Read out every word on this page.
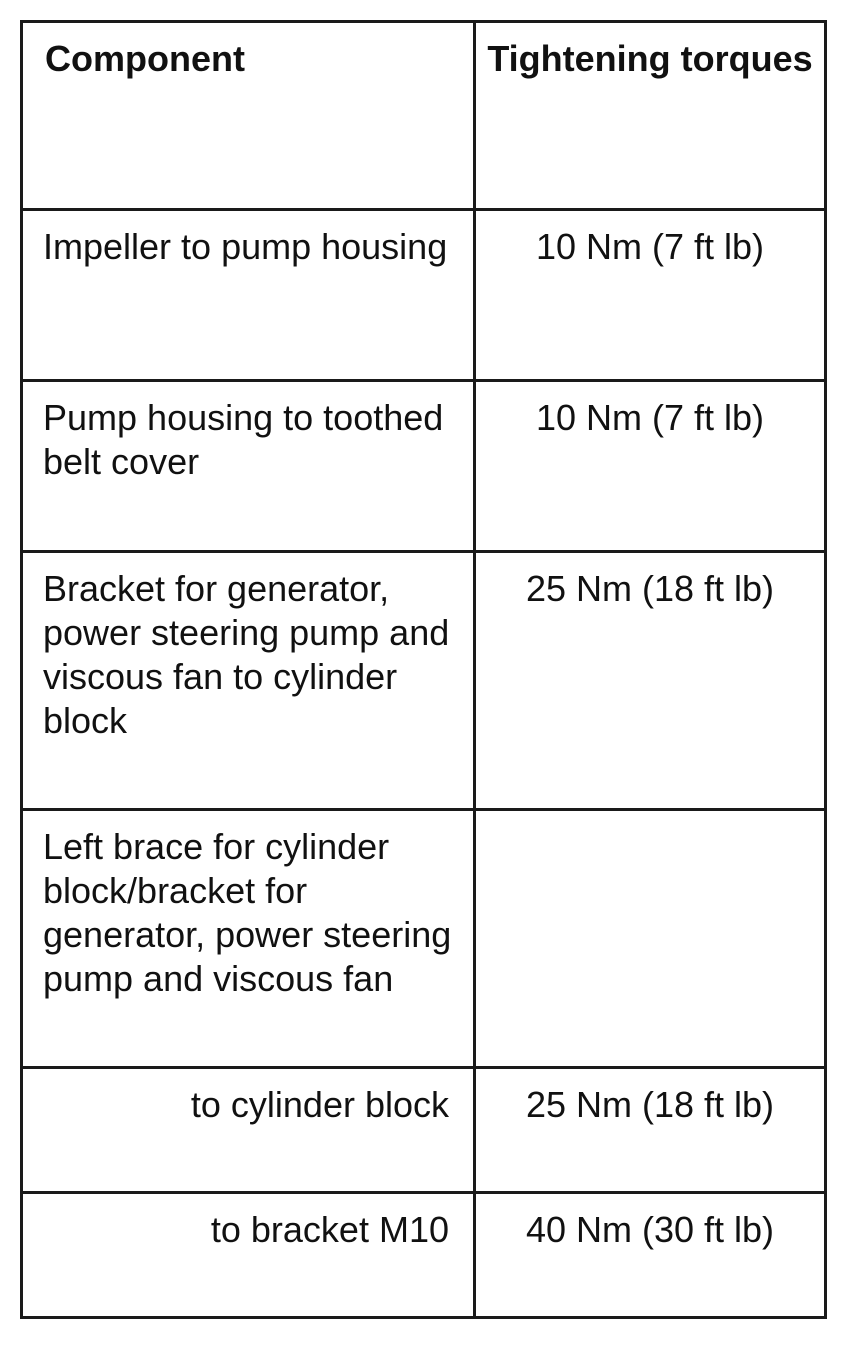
Component	Tightening torques
Impeller to pump housing	10 Nm (7 ft lb)
Pump housing to toothed belt cover	10 Nm (7 ft lb)
Bracket for generator, power steering pump and viscous fan to cylinder block	25 Nm (18 ft lb)
Left brace for cylinder block/bracket for generator, power steering pump and viscous fan	
to cylinder block	25 Nm (18 ft lb)
to bracket M10	40 Nm (30 ft lb)
